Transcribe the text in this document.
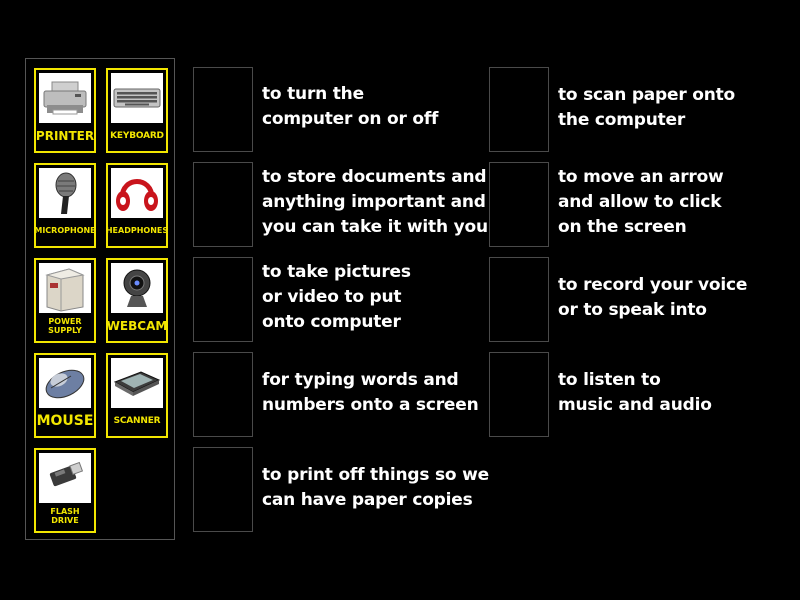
PRINTER KEYBOARD
MICROPHONE HEADPHONES
POWER
SUPPLY	WEBCAM
MOUSE	SCANNER
FLASH
DRIVE
to turn the
computer on or off
to store documents and
anything important and
you can take it with you
to take pictures
or video to put
onto computer
for typing words and
numbers onto a screen
to print off things so we
can have paper copies
to scan paper onto
the computer
to move an arrow
and allow to click
on the screen
to record your voice
or to speak into
to listen to
music and audio
